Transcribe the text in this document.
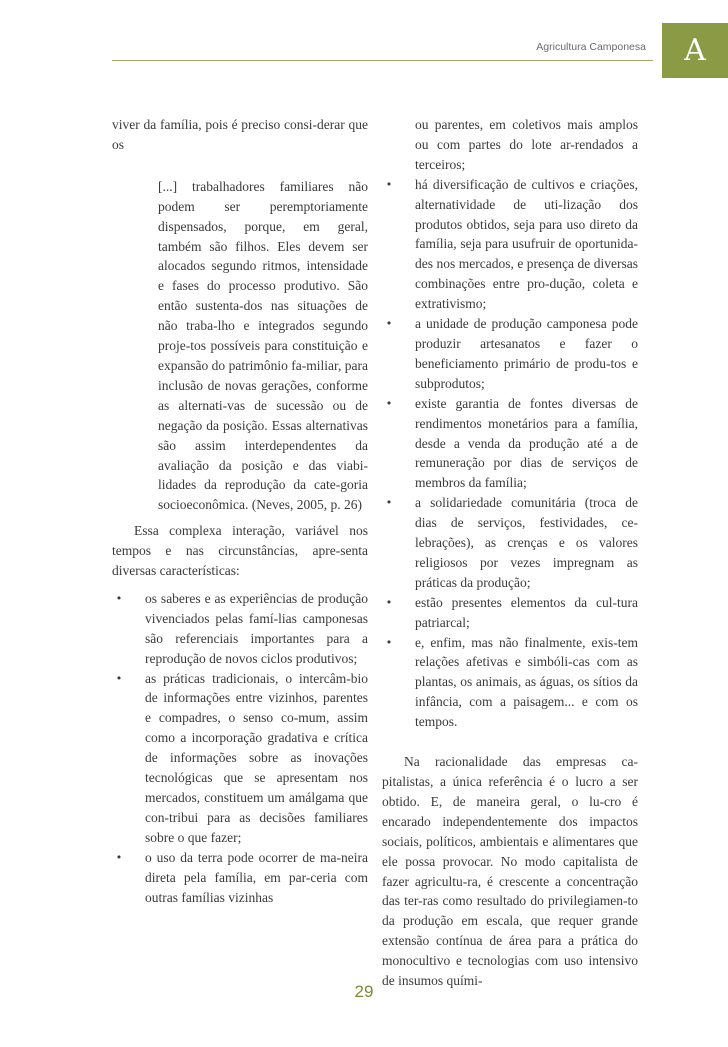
Agricultura Camponesa	A

viver da família, pois é preciso consi-derar que os

[...] trabalhadores familiares não podem ser peremptoriamente dispensados, porque, em geral, também são filhos. Eles devem ser alocados segundo ritmos, intensidade e fases do processo produtivo. São então sustenta-dos nas situações de não traba-lho e integrados segundo proje-tos possíveis para constituição e expansão do patrimônio fa-miliar, para inclusão de novas gerações, conforme as alternati-vas de sucessão ou de negação da posição. Essas alternativas são assim interdependentes da avaliação da posição e das viabi-lidades da reprodução da cate-goria socioeconômica. (Neves, 2005, p. 26)

Essa complexa interação, variável nos tempos e nas circunstâncias, apre-senta diversas características:

• os saberes e as experiências de produção vivenciados pelas famí-lias camponesas são referenciais importantes para a reprodução de novos ciclos produtivos;
• as práticas tradicionais, o intercâm-bio de informações entre vizinhos, parentes e compadres, o senso co-mum, assim como a incorporação gradativa e crítica de informações sobre as inovações tecnológicas que se apresentam nos mercados, constituem um amálgama que con-tribui para as decisões familiares sobre o que fazer;
• o uso da terra pode ocorrer de ma-neira direta pela família, em par-ceria com outras famílias vizinhas

ou parentes, em coletivos mais amplos ou com partes do lote ar-rendados a terceiros;

• há diversificação de cultivos e criações, alternatividade de uti-lização dos produtos obtidos, seja para uso direto da família, seja para usufruir de oportunida-des nos mercados, e presença de diversas combinações entre pro-dução, coleta e extrativismo;
• a unidade de produção camponesa pode produzir artesanatos e fazer o beneficiamento primário de produ-tos e subprodutos;
• existe garantia de fontes diversas de rendimentos monetários para a família, desde a venda da produção até a de remuneração por dias de serviços de membros da família;
• a solidariedade comunitária (troca de dias de serviços, festividades, ce-lebrações), as crenças e os valores religiosos por vezes impregnam as práticas da produção;
• estão presentes elementos da cul-tura patriarcal;
• e, enfim, mas não finalmente, exis-tem relações afetivas e simbóli-cas com as plantas, os animais, as águas, os sítios da infância, com a paisagem... e com os tempos.

Na racionalidade das empresas ca-pitalistas, a única referência é o lucro a ser obtido. E, de maneira geral, o lu-cro é encarado independentemente dos impactos sociais, políticos, ambientais e alimentares que ele possa provocar. No modo capitalista de fazer agricultu-ra, é crescente a concentração das ter-ras como resultado do privilegiamen-to da produção em escala, que requer grande extensão contínua de área para a prática do monocultivo e tecnologias com uso intensivo de insumos quími-

29
